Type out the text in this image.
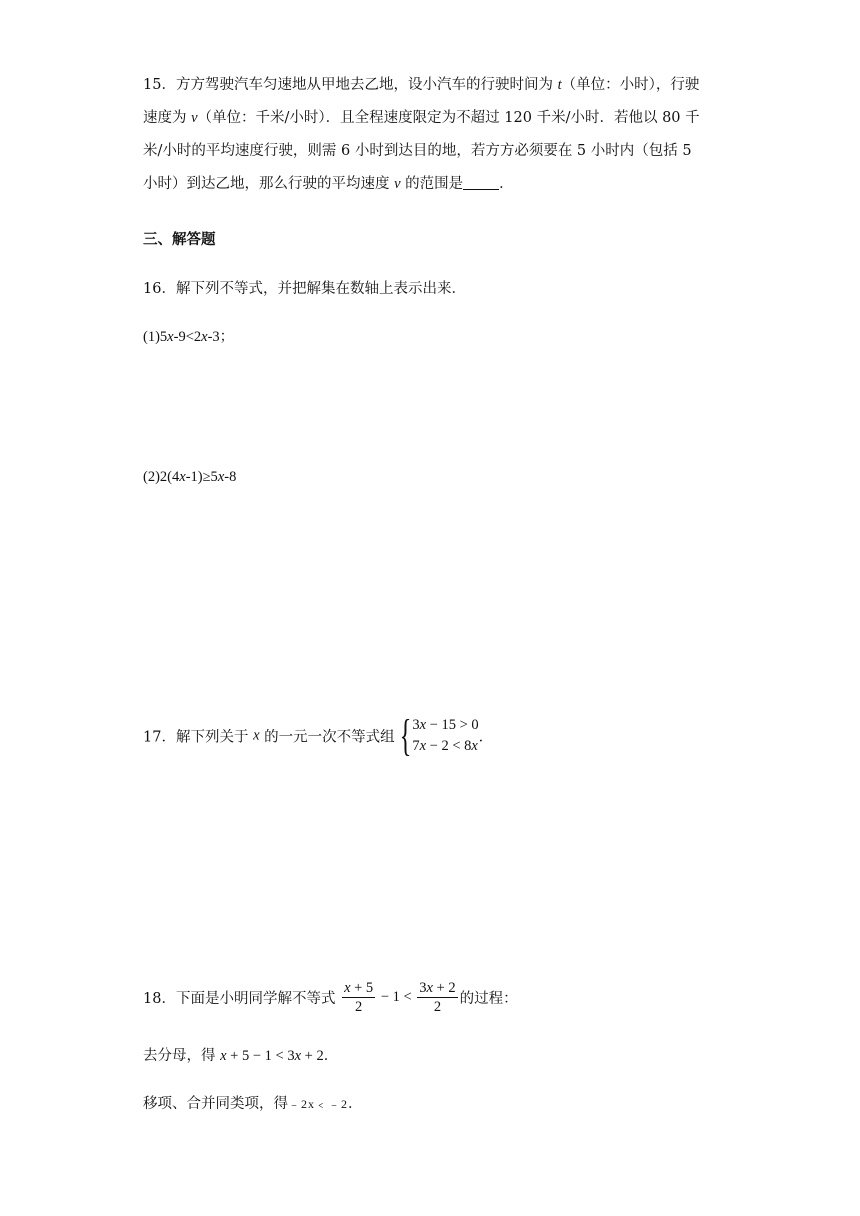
15．方方驾驶汽车匀速地从甲地去乙地，设小汽车的行驶时间为 t（单位：小时），行驶
速度为 v（单位：千米/小时）．且全程速度限定为不超过 120 千米/小时．若他以 80 千
米/小时的平均速度行驶，则需 6 小时到达目的地，若方方必须要在 5 小时内（包括 5
小时）到达乙地，那么行驶的平均速度 v 的范围是 ．
三、解答题
16．解下列不等式，并把解集在数轴上表示出来．
(1)5x-9<2x-3；
(2)2(4x-1)≥5x-8
17．解下列关于 x 的一元一次不等式组 { 3x − 15 > 0
7x − 2 < 8x
．
18．下面是小明同学解不等式 $\frac{x + 5}{2} - 1 < \frac{3x + 2}{2}$ 的过程：
去分母，得 x + 5 − 1 < 3x + 2．
移项、合并同类项，得﹣2x﹤﹣2．
